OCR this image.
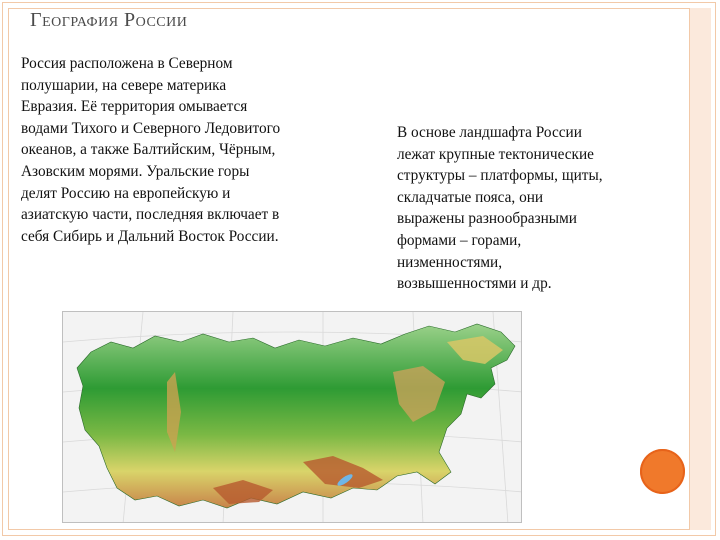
География России
Россия расположена в Северном
полушарии, на севере материка
Евразия. Её территория омывается
водами Тихого и Северного Ледовитого
океанов, а также Балтийским, Чёрным,
Азовским морями. Уральские горы
делят Россию на европейскую и
азиатскую части, последняя включает в
себя Сибирь и Дальний Восток России.
В основе ландшафта России
лежат крупные тектонические
структуры – платформы, щиты,
складчатые пояса, они
выражены разнообразными
формами – горами,
низменностями,
возвышенностями и др.
